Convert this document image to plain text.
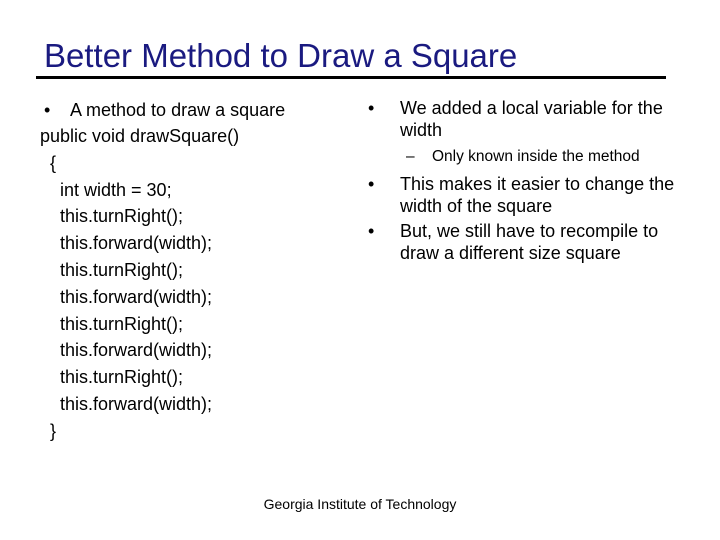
Better Method to Draw a Square
• A method to draw a square
public void drawSquare()
{
int width = 30;
this.turnRight();
this.forward(width);
this.turnRight();
this.forward(width);
this.turnRight();
this.forward(width);
this.turnRight();
this.forward(width);
}
• We added a local variable for the width
– Only known inside the method
• This makes it easier to change the width of the square
• But, we still have to recompile to draw a different size square
Georgia Institute of Technology
